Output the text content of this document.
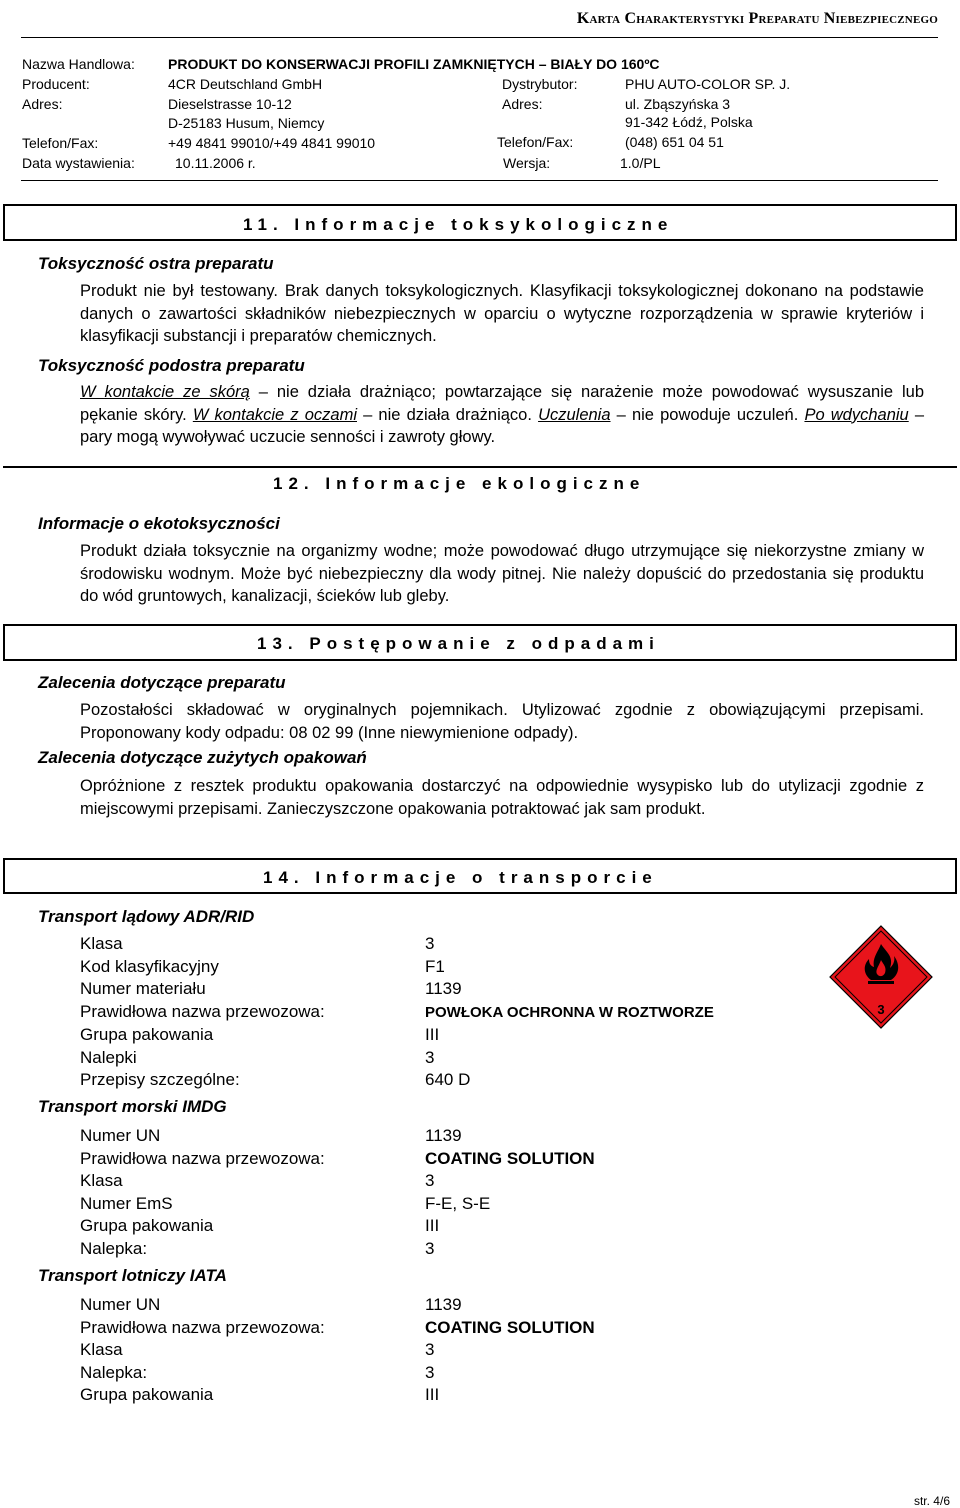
Karta Charakterystyki Preparatu Niebezpiecznego
Nazwa Handlowa: PRODUKT DO KONSERWACJI PROFILI ZAMKNIĘTYCH – BIAŁY DO 160ºC
Producent:	4CR Deutschland GmbH	Dystrybutor:	PHU AUTO-COLOR SP. J.
Adres:	Dieselstrasse 10-12	Adres:	ul. Zbąszyńska 3
D-25183 Husum, Niemcy	91-342 Łódź, Polska
Telefon/Fax:	+49 4841 99010/+49 4841 99010	Telefon/Fax:	(048) 651 04 51
Data wystawienia:	10.11.2006 r.	Wersja:	1.0/PL
11. Informacje toksykologiczne
Toksyczność ostra preparatu
Produkt nie był testowany. Brak danych toksykologicznych. Klasyfikacji toksykologicznej dokonano na podstawie danych o zawartości składników niebezpiecznych w oparciu o wytyczne rozporządzenia w sprawie kryteriów i klasyfikacji substancji i preparatów chemicznych.
Toksyczność podostra preparatu
W kontakcie ze skórą – nie działa drażniąco; powtarzające się narażenie może powodować wysuszanie lub pękanie skóry. W kontakcie z oczami – nie działa drażniąco. Uczulenia – nie powoduje uczuleń. Po wdychaniu – pary mogą wywoływać uczucie senności i zawroty głowy.
12. Informacje ekologiczne
Informacje o ekotoksyczności
Produkt działa toksycznie na organizmy wodne; może powodować długo utrzymujące się niekorzystne zmiany w środowisku wodnym. Może być niebezpieczny dla wody pitnej. Nie należy dopuścić do przedostania się produktu do wód gruntowych, kanalizacji, ścieków lub gleby.
13. Postępowanie z odpadami
Zalecenia dotyczące preparatu
Pozostałości składować w oryginalnych pojemnikach. Utylizować zgodnie z obowiązującymi przepisami. Proponowany kody odpadu: 08 02 99 (Inne niewymienione odpady).
Zalecenia dotyczące zużytych opakowań
Opróżnione z resztek produktu opakowania dostarczyć na odpowiednie wysypisko lub do utylizacji zgodnie z miejscowymi przepisami. Zanieczyszczone opakowania potraktować jak sam produkt.
14. Informacje o transporcie
Transport lądowy ADR/RID
Klasa	3
Kod klasyfikacyjny	F1
Numer materiału	1139
Prawidłowa nazwa przewozowa:	POWŁOKA OCHRONNA W ROZTWORZE
Grupa pakowania	III
Nalepki	3
Przepisy szczególne:	640 D
Transport morski IMDG
Numer UN	1139
Prawidłowa nazwa przewozowa:	COATING SOLUTION
Klasa	3
Numer EmS	F-E, S-E
Grupa pakowania	III
Nalepka:	3
Transport lotniczy IATA
Numer UN	1139
Prawidłowa nazwa przewozowa:	COATING SOLUTION
Klasa	3
Nalepka:	3
Grupa pakowania	III
3
str. 4/6
